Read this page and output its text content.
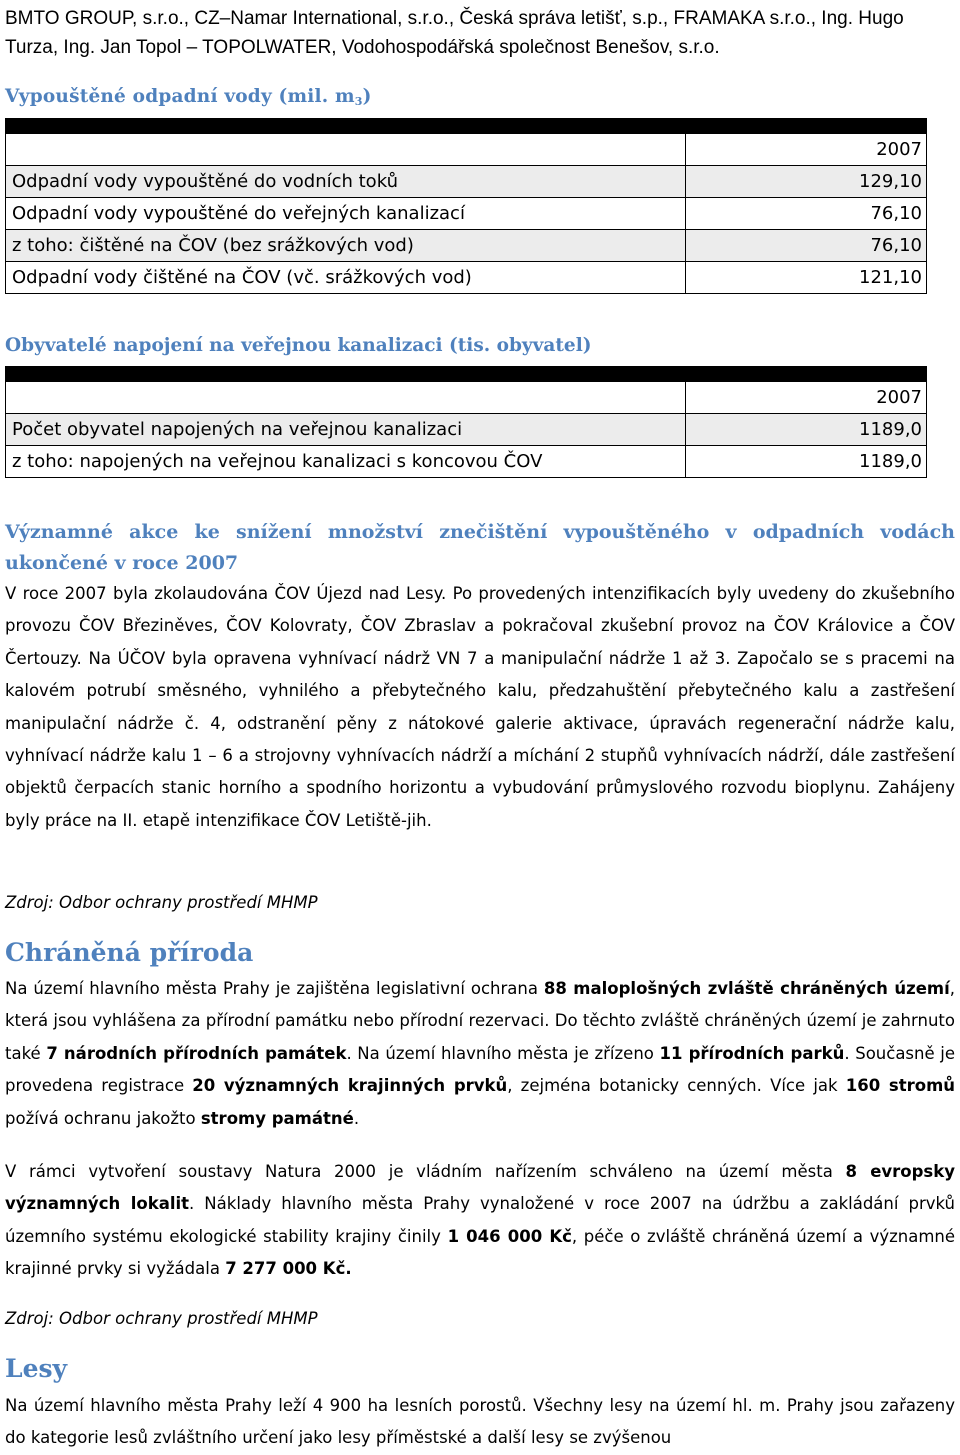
BMTO GROUP, s.r.o., CZ–Namar International, s.r.o., Česká správa letišť, s.p., FRAMAKA s.r.o., Ing. Hugo Turza, Ing. Jan Topol – TOPOLWATER, Vodohospodářská společnost Benešov, s.r.o.

Vypouštěné odpadní vody (mil. $m_3$)

	2007
Odpadní vody vypouštěné do vodních toků	129,10
Odpadní vody vypouštěné do veřejných kanalizací	76,10
z toho: čištěné na ČOV (bez srážkových vod)	76,10
Odpadní vody čištěné na ČOV (vč. srážkových vod)	121,10
Obyvatelé napojení na veřejnou kanalizaci (tis. obyvatel)

	2007
Počet obyvatel napojených na veřejnou kanalizaci	1189,0
z toho: napojených na veřejnou kanalizaci s koncovou ČOV	1189,0
Významné akce ke snížení množství znečištění vypouštěného v odpadních vodách ukončené v roce 2007

V roce 2007 byla zkolaudována ČOV Újezd nad Lesy. Po provedených intenzifikacích byly uvedeny do zkušebního provozu ČOV Březiněves, ČOV Kolovraty, ČOV Zbraslav a pokračoval zkušební provoz na ČOV Královice a ČOV Čertouzy. Na ÚČOV byla opravena vyhnívací nádrž VN 7 a manipulační nádrže 1 až 3. Započalo se s pracemi na kalovém potrubí směsného, vyhnilého a přebytečného kalu, předzahuštění přebytečného kalu a zastřešení manipulační nádrže č. 4, odstranění pěny z nátokové galerie aktivace, úpravách regenerační nádrže kalu, vyhnívací nádrže kalu 1 – 6 a strojovny vyhnívacích nádrží a míchání 2 stupňů vyhnívacích nádrží, dále zastřešení objektů čerpacích stanic horního a spodního horizontu a vybudování průmyslového rozvodu bioplynu. Zahájeny byly práce na II. etapě intenzifikace ČOV Letiště-jih.

Zdroj: Odbor ochrany prostředí MHMP

Chráněná příroda

Na území hlavního města Prahy je zajištěna legislativní ochrana 88 maloplošných zvláště chráněných území, která jsou vyhlášena za přírodní památku nebo přírodní rezervaci. Do těchto zvláště chráněných území je zahrnuto také 7 národních přírodních památek. Na území hlavního města je zřízeno 11 přírodních parků. Současně je provedena registrace 20 významných krajinných prvků, zejména botanicky cenných. Více jak 160 stromů požívá ochranu jakožto stromy památné.

V rámci vytvoření soustavy Natura 2000 je vládním nařízením schváleno na území města 8 evropsky významných lokalit. Náklady hlavního města Prahy vynaložené v roce 2007 na údržbu a zakládání prvků územního systému ekologické stability krajiny činily 1 046 000 Kč, péče o zvláště chráněná území a významné krajinné prvky si vyžádala 7 277 000 Kč.

Zdroj: Odbor ochrany prostředí MHMP

Lesy

Na území hlavního města Prahy leží 4 900 ha lesních porostů. Všechny lesy na území hl. m. Prahy jsou zařazeny do kategorie lesů zvláštního určení jako lesy příměstské a další lesy se zvýšenou
